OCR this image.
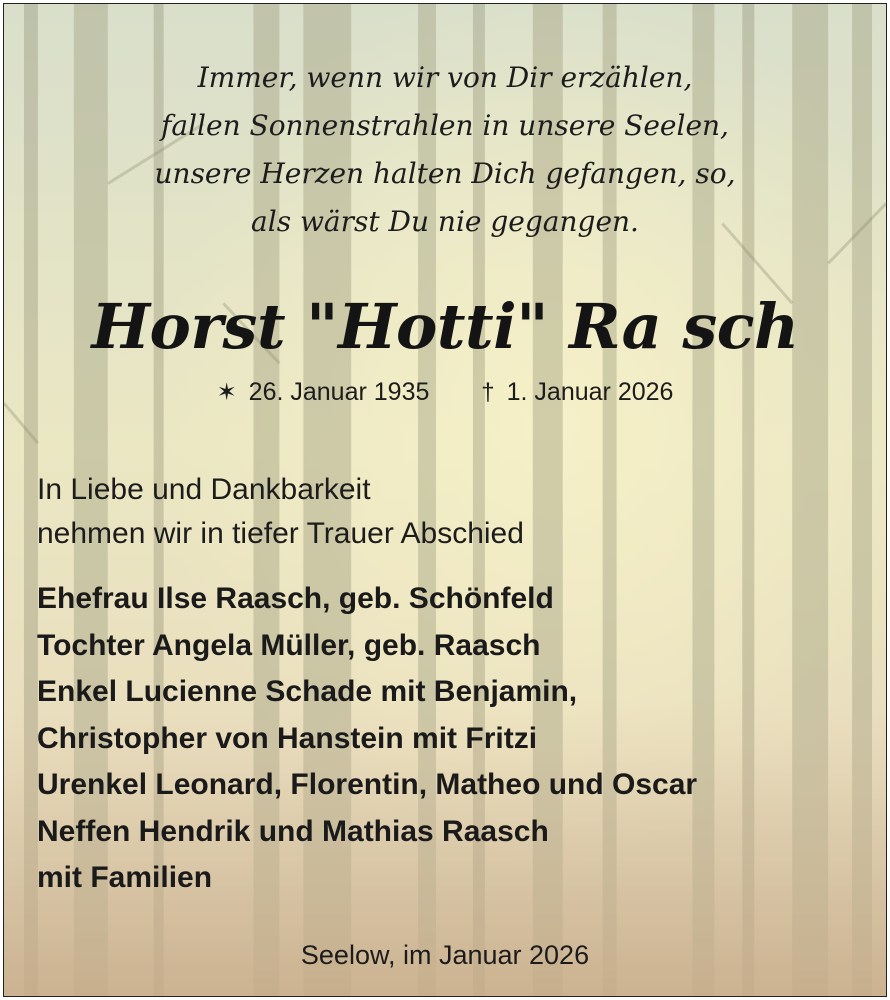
Immer, wenn wir von Dir erzählen,
fallen Sonnenstrahlen in unsere Seelen,
unsere Herzen halten Dich gefangen, so,
als wärst Du nie gegangen.
Horst "Hotti" Ra sch
✶ 26. Januar 1935 † 1. Januar 2026
In Liebe und Dankbarkeit
nehmen wir in tiefer Trauer Abschied
Ehefrau Ilse Raasch, geb. Schönfeld
Tochter Angela Müller, geb. Raasch
Enkel Lucienne Schade mit Benjamin,
Christopher von Hanstein mit Fritzi
Urenkel Leonard, Florentin, Matheo und Oscar
Neffen Hendrik und Mathias Raasch
mit Familien
Seelow, im Januar 2026
